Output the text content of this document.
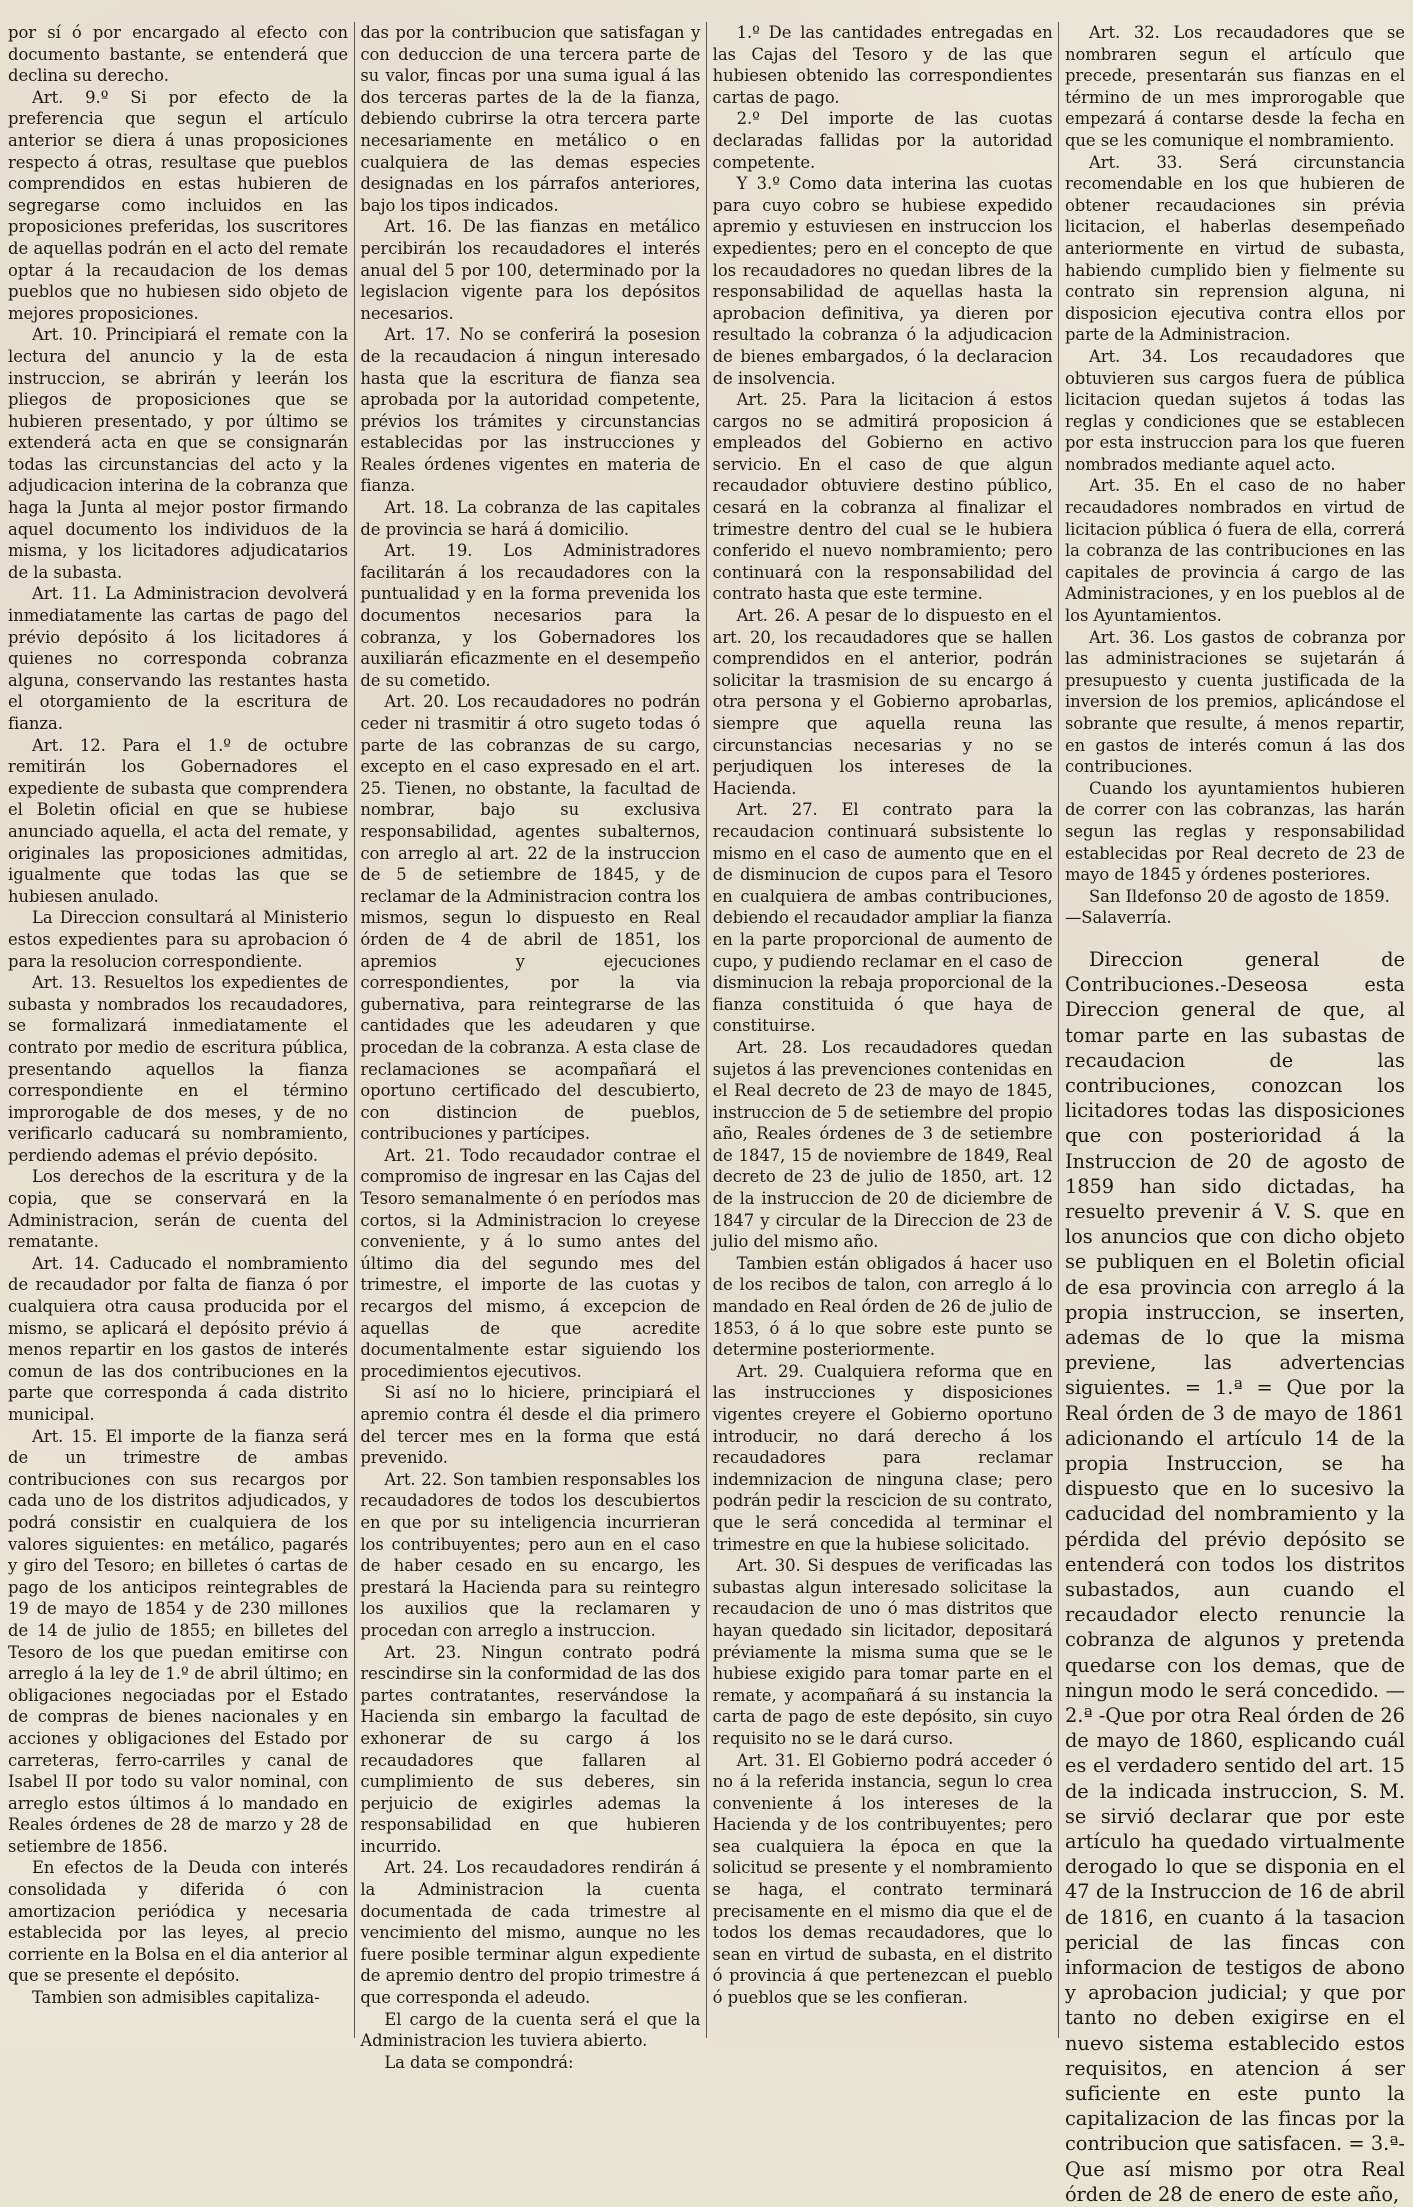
por sí ó por encargado al efecto con documento bastante, se entenderá que declina su derecho.

Art. 9.º Si por efecto de la preferencia que segun el artículo anterior se diera á unas proposiciones respecto á otras, resultase que pueblos comprendidos en estas hubieren de segregarse como incluidos en las proposiciones preferidas, los suscritores de aquellas podrán en el acto del remate optar á la recaudacion de los demas pueblos que no hubiesen sido objeto de mejores proposiciones.

Art. 10. Principiará el remate con la lectura del anuncio y la de esta instruccion, se abrirán y leerán los pliegos de proposiciones que se hubieren presentado, y por último se extenderá acta en que se consignarán todas las circunstancias del acto y la adjudicacion interina de la cobranza que haga la Junta al mejor postor firmando aquel documento los individuos de la misma, y los licitadores adjudicatarios de la subasta.

Art. 11. La Administracion devolverá inmediatamente las cartas de pago del prévio depósito á los licitadores á quienes no corresponda cobranza alguna, conservando las restantes hasta el otorgamiento de la escritura de fianza.

Art. 12. Para el 1.º de octubre remitirán los Gobernadores el expediente de subasta que comprendera el Boletin oficial en que se hubiese anunciado aquella, el acta del remate, y originales las proposiciones admitidas, igualmente que todas las que se hubiesen anulado.

La Direccion consultará al Ministerio estos expedientes para su aprobacion ó para la resolucion correspondiente.

Art. 13. Resueltos los expedientes de subasta y nombrados los recaudadores, se formalizará inmediatamente el contrato por medio de escritura pública, presentando aquellos la fianza correspondiente en el término improrogable de dos meses, y de no verificarlo caducará su nombramiento, perdiendo ademas el prévio depósito.

Los derechos de la escritura y de la copia, que se conservará en la Administracion, serán de cuenta del rematante.

Art. 14. Caducado el nombramiento de recaudador por falta de fianza ó por cualquiera otra causa producida por el mismo, se aplicará el depósito prévio á menos repartir en los gastos de interés comun de las dos contribuciones en la parte que corresponda á cada distrito municipal.

Art. 15. El importe de la fianza será de un trimestre de ambas contribuciones con sus recargos por cada uno de los distritos adjudicados, y podrá consistir en cualquiera de los valores siguientes: en metálico, pagarés y giro del Tesoro; en billetes ó cartas de pago de los anticipos reintegrables de 19 de mayo de 1854 y de 230 millones de 14 de julio de 1855; en billetes del Tesoro de los que puedan emitirse con arreglo á la ley de 1.º de abril último; en obligaciones negociadas por el Estado de compras de bienes nacionales y en acciones y obligaciones del Estado por carreteras, ferro-carriles y canal de Isabel II por todo su valor nominal, con arreglo estos últimos á lo mandado en Reales órdenes de 28 de marzo y 28 de setiembre de 1856.

En efectos de la Deuda con interés consolidada y diferida ó con amortizacion periódica y necesaria establecida por las leyes, al precio corriente en la Bolsa en el dia anterior al que se presente el depósito.

Tambien son admisibles capitaliza-

das por la contribucion que satisfagan y con deduccion de una tercera parte de su valor, fincas por una suma igual á las dos terceras partes de la de la fianza, debiendo cubrirse la otra tercera parte necesariamente en metálico o en cualquiera de las demas especies designadas en los párrafos anteriores, bajo los tipos indicados.

Art. 16. De las fianzas en metálico percibirán los recaudadores el interés anual del 5 por 100, determinado por la legislacion vigente para los depósitos necesarios.

Art. 17. No se conferirá la posesion de la recaudacion á ningun interesado hasta que la escritura de fianza sea aprobada por la autoridad competente, prévios los trámites y circunstancias establecidas por las instrucciones y Reales órdenes vigentes en materia de fianza.

Art. 18. La cobranza de las capitales de provincia se hará á domicilio.

Art. 19. Los Administradores facilitarán á los recaudadores con la puntualidad y en la forma prevenida los documentos necesarios para la cobranza, y los Gobernadores los auxiliarán eficazmente en el desempeño de su cometido.

Art. 20. Los recaudadores no podrán ceder ni trasmitir á otro sugeto todas ó parte de las cobranzas de su cargo, excepto en el caso expresado en el art. 25. Tienen, no obstante, la facultad de nombrar, bajo su exclusiva responsabilidad, agentes subalternos, con arreglo al art. 22 de la instruccion de 5 de setiembre de 1845, y de reclamar de la Administracion contra los mismos, segun lo dispuesto en Real órden de 4 de abril de 1851, los apremios y ejecuciones correspondientes, por la via gubernativa, para reintegrarse de las cantidades que les adeudaren y que procedan de la cobranza. A esta clase de reclamaciones se acompañará el oportuno certificado del descubierto, con distincion de pueblos, contribuciones y partícipes.

Art. 21. Todo recaudador contrae el compromiso de ingresar en las Cajas del Tesoro semanalmente ó en períodos mas cortos, si la Administracion lo creyese conveniente, y á lo sumo antes del último dia del segundo mes del trimestre, el importe de las cuotas y recargos del mismo, á excepcion de aquellas de que acredite documentalmente estar siguiendo los procedimientos ejecutivos.

Si así no lo hiciere, principiará el apremio contra él desde el dia primero del tercer mes en la forma que está prevenido.

Art. 22. Son tambien responsables los recaudadores de todos los descubiertos en que por su inteligencia incurrieran los contribuyentes; pero aun en el caso de haber cesado en su encargo, les prestará la Hacienda para su reintegro los auxilios que la reclamaren y procedan con arreglo a instruccion.

Art. 23. Ningun contrato podrá rescindirse sin la conformidad de las dos partes contratantes, reservándose la Hacienda sin embargo la facultad de exhonerar de su cargo á los recaudadores que fallaren al cumplimiento de sus deberes, sin perjuicio de exigirles ademas la responsabilidad en que hubieren incurrido.

Art. 24. Los recaudadores rendirán á la Administracion la cuenta documentada de cada trimestre al vencimiento del mismo, aunque no les fuere posible terminar algun expediente de apremio dentro del propio trimestre á que corresponda el adeudo.

El cargo de la cuenta será el que la Administracion les tuviera abierto.

La data se compondrá:

1.º De las cantidades entregadas en las Cajas del Tesoro y de las que hubiesen obtenido las correspondientes cartas de pago.

2.º Del importe de las cuotas declaradas fallidas por la autoridad competente.

Y 3.º Como data interina las cuotas para cuyo cobro se hubiese expedido apremio y estuviesen en instruccion los expedientes; pero en el concepto de que los recaudadores no quedan libres de la responsabilidad de aquellas hasta la aprobacion definitiva, ya dieren por resultado la cobranza ó la adjudicacion de bienes embargados, ó la declaracion de insolvencia.

Art. 25. Para la licitacion á estos cargos no se admitirá proposicion á empleados del Gobierno en activo servicio. En el caso de que algun recaudador obtuviere destino público, cesará en la cobranza al finalizar el trimestre dentro del cual se le hubiera conferido el nuevo nombramiento; pero continuará con la responsabilidad del contrato hasta que este termine.

Art. 26. A pesar de lo dispuesto en el art. 20, los recaudadores que se hallen comprendidos en el anterior, podrán solicitar la trasmision de su encargo á otra persona y el Gobierno aprobarlas, siempre que aquella reuna las circunstancias necesarias y no se perjudiquen los intereses de la Hacienda.

Art. 27. El contrato para la recaudacion continuará subsistente lo mismo en el caso de aumento que en el de disminucion de cupos para el Tesoro en cualquiera de ambas contribuciones, debiendo el recaudador ampliar la fianza en la parte proporcional de aumento de cupo, y pudiendo reclamar en el caso de disminucion la rebaja proporcional de la fianza constituida ó que haya de constituirse.

Art. 28. Los recaudadores quedan sujetos á las prevenciones contenidas en el Real decreto de 23 de mayo de 1845, instruccion de 5 de setiembre del propio año, Reales órdenes de 3 de setiembre de 1847, 15 de noviembre de 1849, Real decreto de 23 de julio de 1850, art. 12 de la instruccion de 20 de diciembre de 1847 y circular de la Direccion de 23 de julio del mismo año.

Tambien están obligados á hacer uso de los recibos de talon, con arreglo á lo mandado en Real órden de 26 de julio de 1853, ó á lo que sobre este punto se determine posteriormente.

Art. 29. Cualquiera reforma que en las instrucciones y disposiciones vigentes creyere el Gobierno oportuno introducir, no dará derecho á los recaudadores para reclamar indemnizacion de ninguna clase; pero podrán pedir la rescicion de su contrato, que le será concedida al terminar el trimestre en que la hubiese solicitado.

Art. 30. Si despues de verificadas las subastas algun interesado solicitase la recaudacion de uno ó mas distritos que hayan quedado sin licitador, depositará préviamente la misma suma que se le hubiese exigido para tomar parte en el remate, y acompañará á su instancia la carta de pago de este depósito, sin cuyo requisito no se le dará curso.

Art. 31. El Gobierno podrá acceder ó no á la referida instancia, segun lo crea conveniente á los intereses de la Hacienda y de los contribuyentes; pero sea cualquiera la época en que la solicitud se presente y el nombramiento se haga, el contrato terminará precisamente en el mismo dia que el de todos los demas recaudadores, que lo sean en virtud de subasta, en el distrito ó provincia á que pertenezcan el pueblo ó pueblos que se les confieran.

Art. 32. Los recaudadores que se nombraren segun el artículo que precede, presentarán sus fianzas en el término de un mes improrogable que empezará á contarse desde la fecha en que se les comunique el nombramiento.

Art. 33. Será circunstancia recomendable en los que hubieren de obtener recaudaciones sin prévia licitacion, el haberlas desempeñado anteriormente en virtud de subasta, habiendo cumplido bien y fielmente su contrato sin reprension alguna, ni disposicion ejecutiva contra ellos por parte de la Administracion.

Art. 34. Los recaudadores que obtuvieren sus cargos fuera de pública licitacion quedan sujetos á todas las reglas y condiciones que se establecen por esta instruccion para los que fueren nombrados mediante aquel acto.

Art. 35. En el caso de no haber recaudadores nombrados en virtud de licitacion pública ó fuera de ella, correrá la cobranza de las contribuciones en las capitales de provincia á cargo de las Administraciones, y en los pueblos al de los Ayuntamientos.

Art. 36. Los gastos de cobranza por las administraciones se sujetarán á presupuesto y cuenta justificada de la inversion de los premios, aplicándose el sobrante que resulte, á menos repartir, en gastos de interés comun á las dos contribuciones.

Cuando los ayuntamientos hubieren de correr con las cobranzas, las harán segun las reglas y responsabilidad establecidas por Real decreto de 23 de mayo de 1845 y órdenes posteriores.

San Ildefonso 20 de agosto de 1859. —Salaverría.

Direccion general de Contribuciones.-Deseosa esta Direccion general de que, al tomar parte en las subastas de recaudacion de las contribuciones, conozcan los licitadores todas las disposiciones que con posterioridad á la Instruccion de 20 de agosto de 1859 han sido dictadas, ha resuelto prevenir á V. S. que en los anuncios que con dicho objeto se publiquen en el Boletin oficial de esa provincia con arreglo á la propia instruccion, se inserten, ademas de lo que la misma previene, las advertencias siguientes. = 1.ª = Que por la Real órden de 3 de mayo de 1861 adicionando el artículo 14 de la propia Instruccion, se ha dispuesto que en lo sucesivo la caducidad del nombramiento y la pérdida del prévio depósito se entenderá con todos los distritos subastados, aun cuando el recaudador electo renuncie la cobranza de algunos y pretenda quedarse con los demas, que de ningun modo le será concedido. — 2.ª -Que por otra Real órden de 26 de mayo de 1860, esplicando cuál es el verdadero sentido del art. 15 de la indicada instruccion, S. M. se sirvió declarar que por este artículo ha quedado virtualmente derogado lo que se disponia en el 47 de la Instruccion de 16 de abril de 1816, en cuanto á la tasacion pericial de las fincas con informacion de testigos de abono y aprobacion judicial; y que por tanto no deben exigirse en el nuevo sistema establecido estos requisitos, en atencion á ser suficiente en este punto la capitalizacion de las fincas por la contribucion que satisfacen. = 3.ª-Que así mismo por otra Real órden de 28 de enero de este año,
